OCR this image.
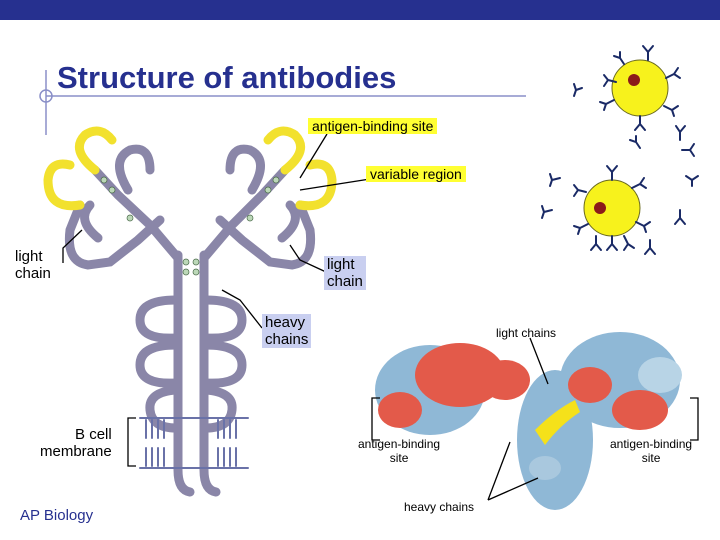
Structure of antibodies
antigen-binding site
variable region
light
chain
light
chain
heavy
chains
B cell
membrane
light chains
antigen-binding
site
antigen-binding
site
heavy chains
AP Biology
